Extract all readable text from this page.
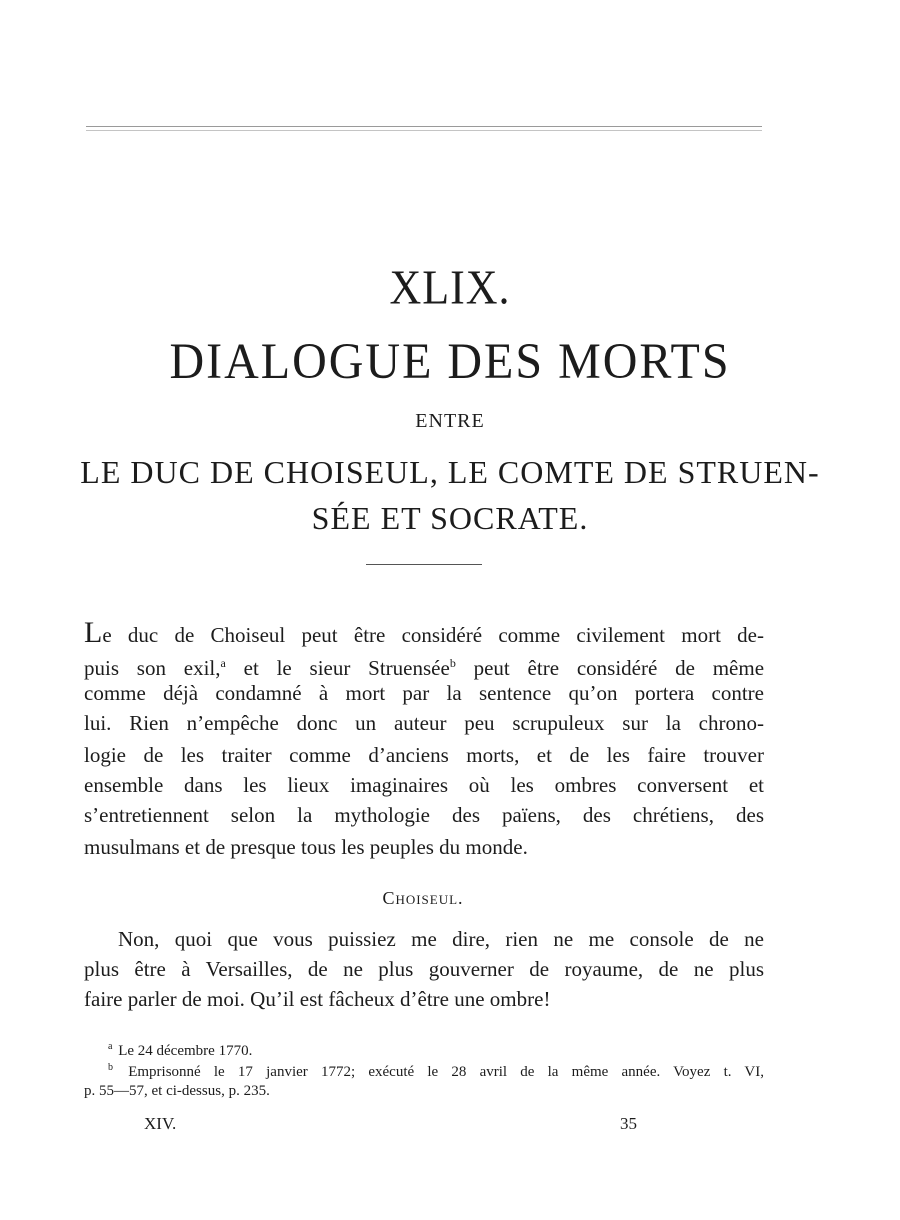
XLIX.
DIALOGUE DES MORTS
ENTRE
LE DUC DE CHOISEUL, LE COMTE DE STRUEN-
SÉE ET SOCRATE.
Le duc de Choiseul peut être considéré comme civilement mort de-
puis son exil,$^a$ et le sieur Struensée$^b$ peut être considéré de même
comme déjà condamné à mort par la sentence qu’on portera contre
lui. Rien n’empêche donc un auteur peu scrupuleux sur la chrono-
logie de les traiter comme d’anciens morts, et de les faire trouver
ensemble dans les lieux imaginaires où les ombres conversent et
s’entretiennent selon la mythologie des païens, des chrétiens, des
musulmans et de presque tous les peuples du monde.
Choiseul.
Non, quoi que vous puissiez me dire, rien ne me console de ne
plus être à Versailles, de ne plus gouverner de royaume, de ne plus
faire parler de moi. Qu’il est fâcheux d’être une ombre!
$^a$ Le 24 décembre 1770.
$^b$ Emprisonné le 17 janvier 1772; exécuté le 28 avril de la même année. Voyez t. VI,
p. 55—57, et ci-dessus, p. 235.
XIV.	35
